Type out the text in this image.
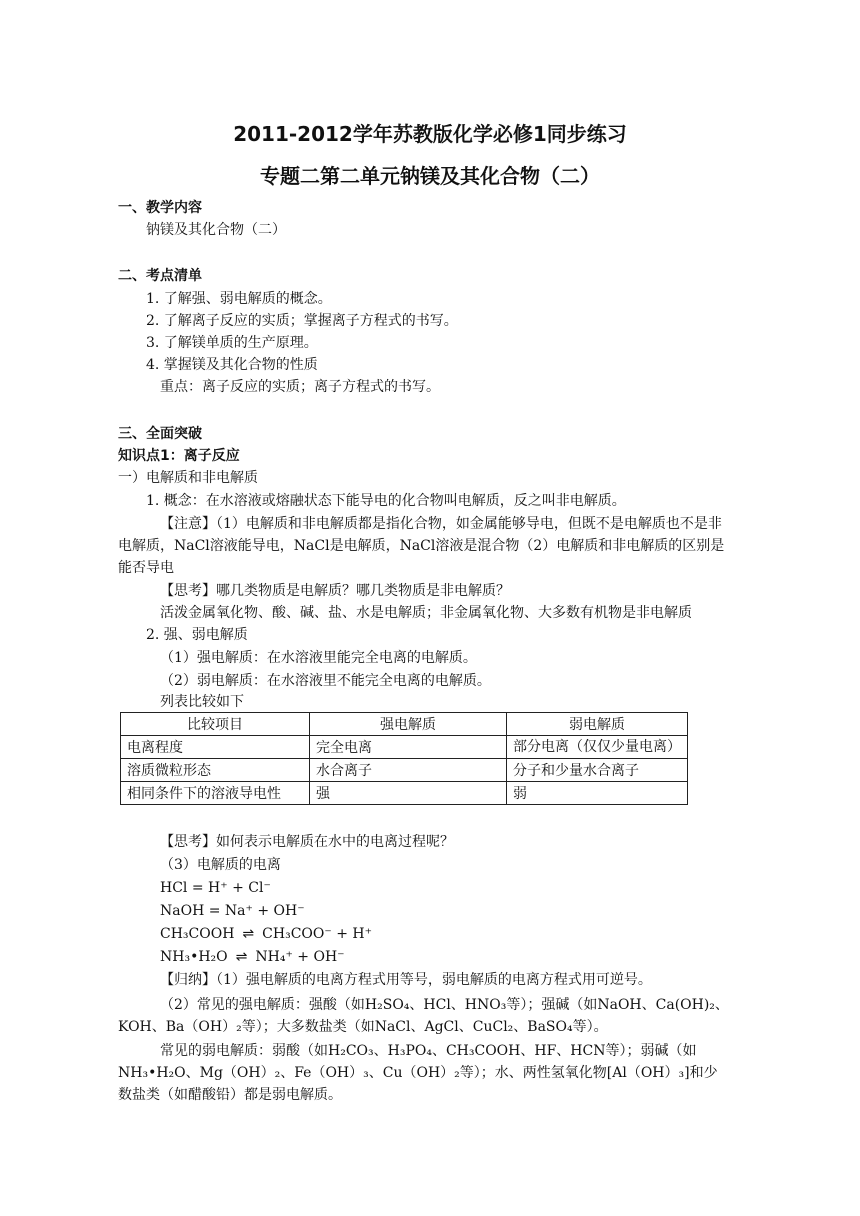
2011-2012学年苏教版化学必修1同步练习
专题二第二单元钠镁及其化合物（二）
一、教学内容
钠镁及其化合物（二）
二、考点清单
1. 了解强、弱电解质的概念。
2. 了解离子反应的实质；掌握离子方程式的书写。
3. 了解镁单质的生产原理。
4. 掌握镁及其化合物的性质
重点：离子反应的实质；离子方程式的书写。
三、全面突破
知识点1：离子反应
一）电解质和非电解质
1. 概念：在水溶液或熔融状态下能导电的化合物叫电解质，反之叫非电解质。
【注意】（1）电解质和非电解质都是指化合物，如金属能够导电，但既不是电解质也不是非电解质，NaCl溶液能导电，NaCl是电解质，NaCl溶液是混合物（2）电解质和非电解质的区别是能否导电
【思考】哪几类物质是电解质？哪几类物质是非电解质？
活泼金属氧化物、酸、碱、盐、水是电解质；非金属氧化物、大多数有机物是非电解质
2. 强、弱电解质
（1）强电解质：在水溶液里能完全电离的电解质。
（2）弱电解质：在水溶液里不能完全电离的电解质。
列表比较如下
比较项目	强电解质	弱电解质
电离程度	完全电离	部分电离（仅仅少量电离）
溶质微粒形态	水合离子	分子和少量水合离子
相同条件下的溶液导电性	强	弱
【思考】如何表示电解质在水中的电离过程呢？
（3）电解质的电离
HCl = H⁺ + Cl⁻
NaOH = Na⁺ + OH⁻
CH₃COOH ⇌ CH₃COO⁻ + H⁺
NH₃•H₂O ⇌ NH₄⁺ + OH⁻
【归纳】（1）强电解质的电离方程式用等号，弱电解质的电离方程式用可逆号。
（2）常见的强电解质：强酸（如H₂SO₄、HCl、HNO₃等）；强碱（如NaOH、Ca(OH)₂、KOH、Ba（OH）₂等）；大多数盐类（如NaCl、AgCl、CuCl₂、BaSO₄等）。
常见的弱电解质：弱酸（如H₂CO₃、H₃PO₄、CH₃COOH、HF、HCN等）；弱碱（如NH₃•H₂O、Mg（OH）₂、Fe（OH）₃、Cu（OH）₂等）；水、两性氢氧化物[Al（OH）₃]和少数盐类（如醋酸铅）都是弱电解质。
